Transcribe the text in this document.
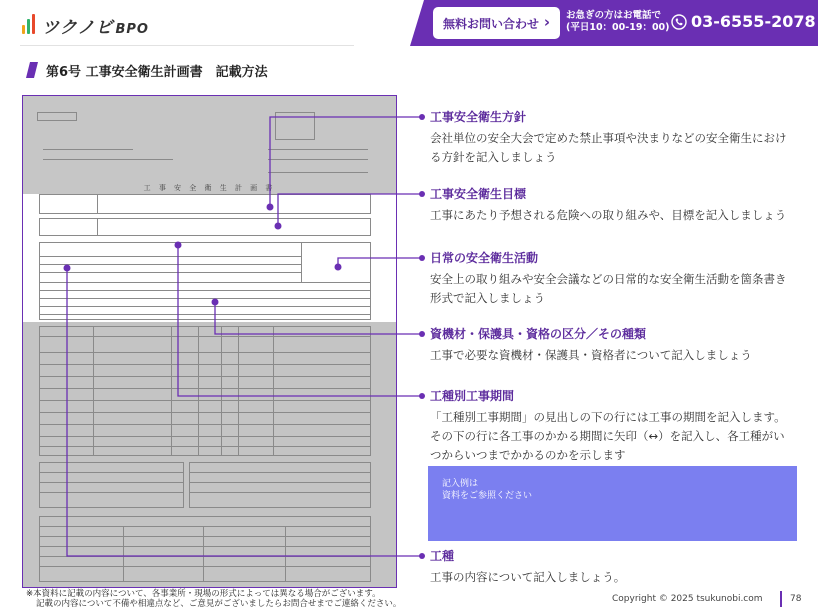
ツクノビ BPO	無料お問い合わせ › お急ぎの方はお電話で
(平日10：00-19：00) 03-6555-2078
第6号 工事安全衛生計画書　記載方法
工 事 安 全 衛 生 計 画 書
工事安全衛生方針
会社単位の安全大会で定めた禁止事項や決まりなどの安全衛生における方針を記入しましょう
工事安全衛生目標
工事にあたり予想される危険への取り組みや、目標を記入しましょう
日常の安全衛生活動
安全上の取り組みや安全会議などの日常的な安全衛生活動を箇条書き形式で記入しましょう
資機材・保護具・資格の区分／その種類
工事で必要な資機材・保護具・資格者について記入しましょう
工種別工事期間
「工種別工事期間」の見出しの下の行には工事の期間を記入します。その下の行に各工事のかかる期間に矢印（↔）を記入し、各工種がいつからいつまでかかるのかを示します
記入例は
資料をご参照ください
工種
工事の内容について記入しましょう。
※本資料に記載の内容について、各事業所・現場の形式によっては異なる場合がございます。
記載の内容について不備や相違点など、ご意見がございましたらお問合せまでご連絡ください。	Copyright © 2025 tsukunobi.com	78
